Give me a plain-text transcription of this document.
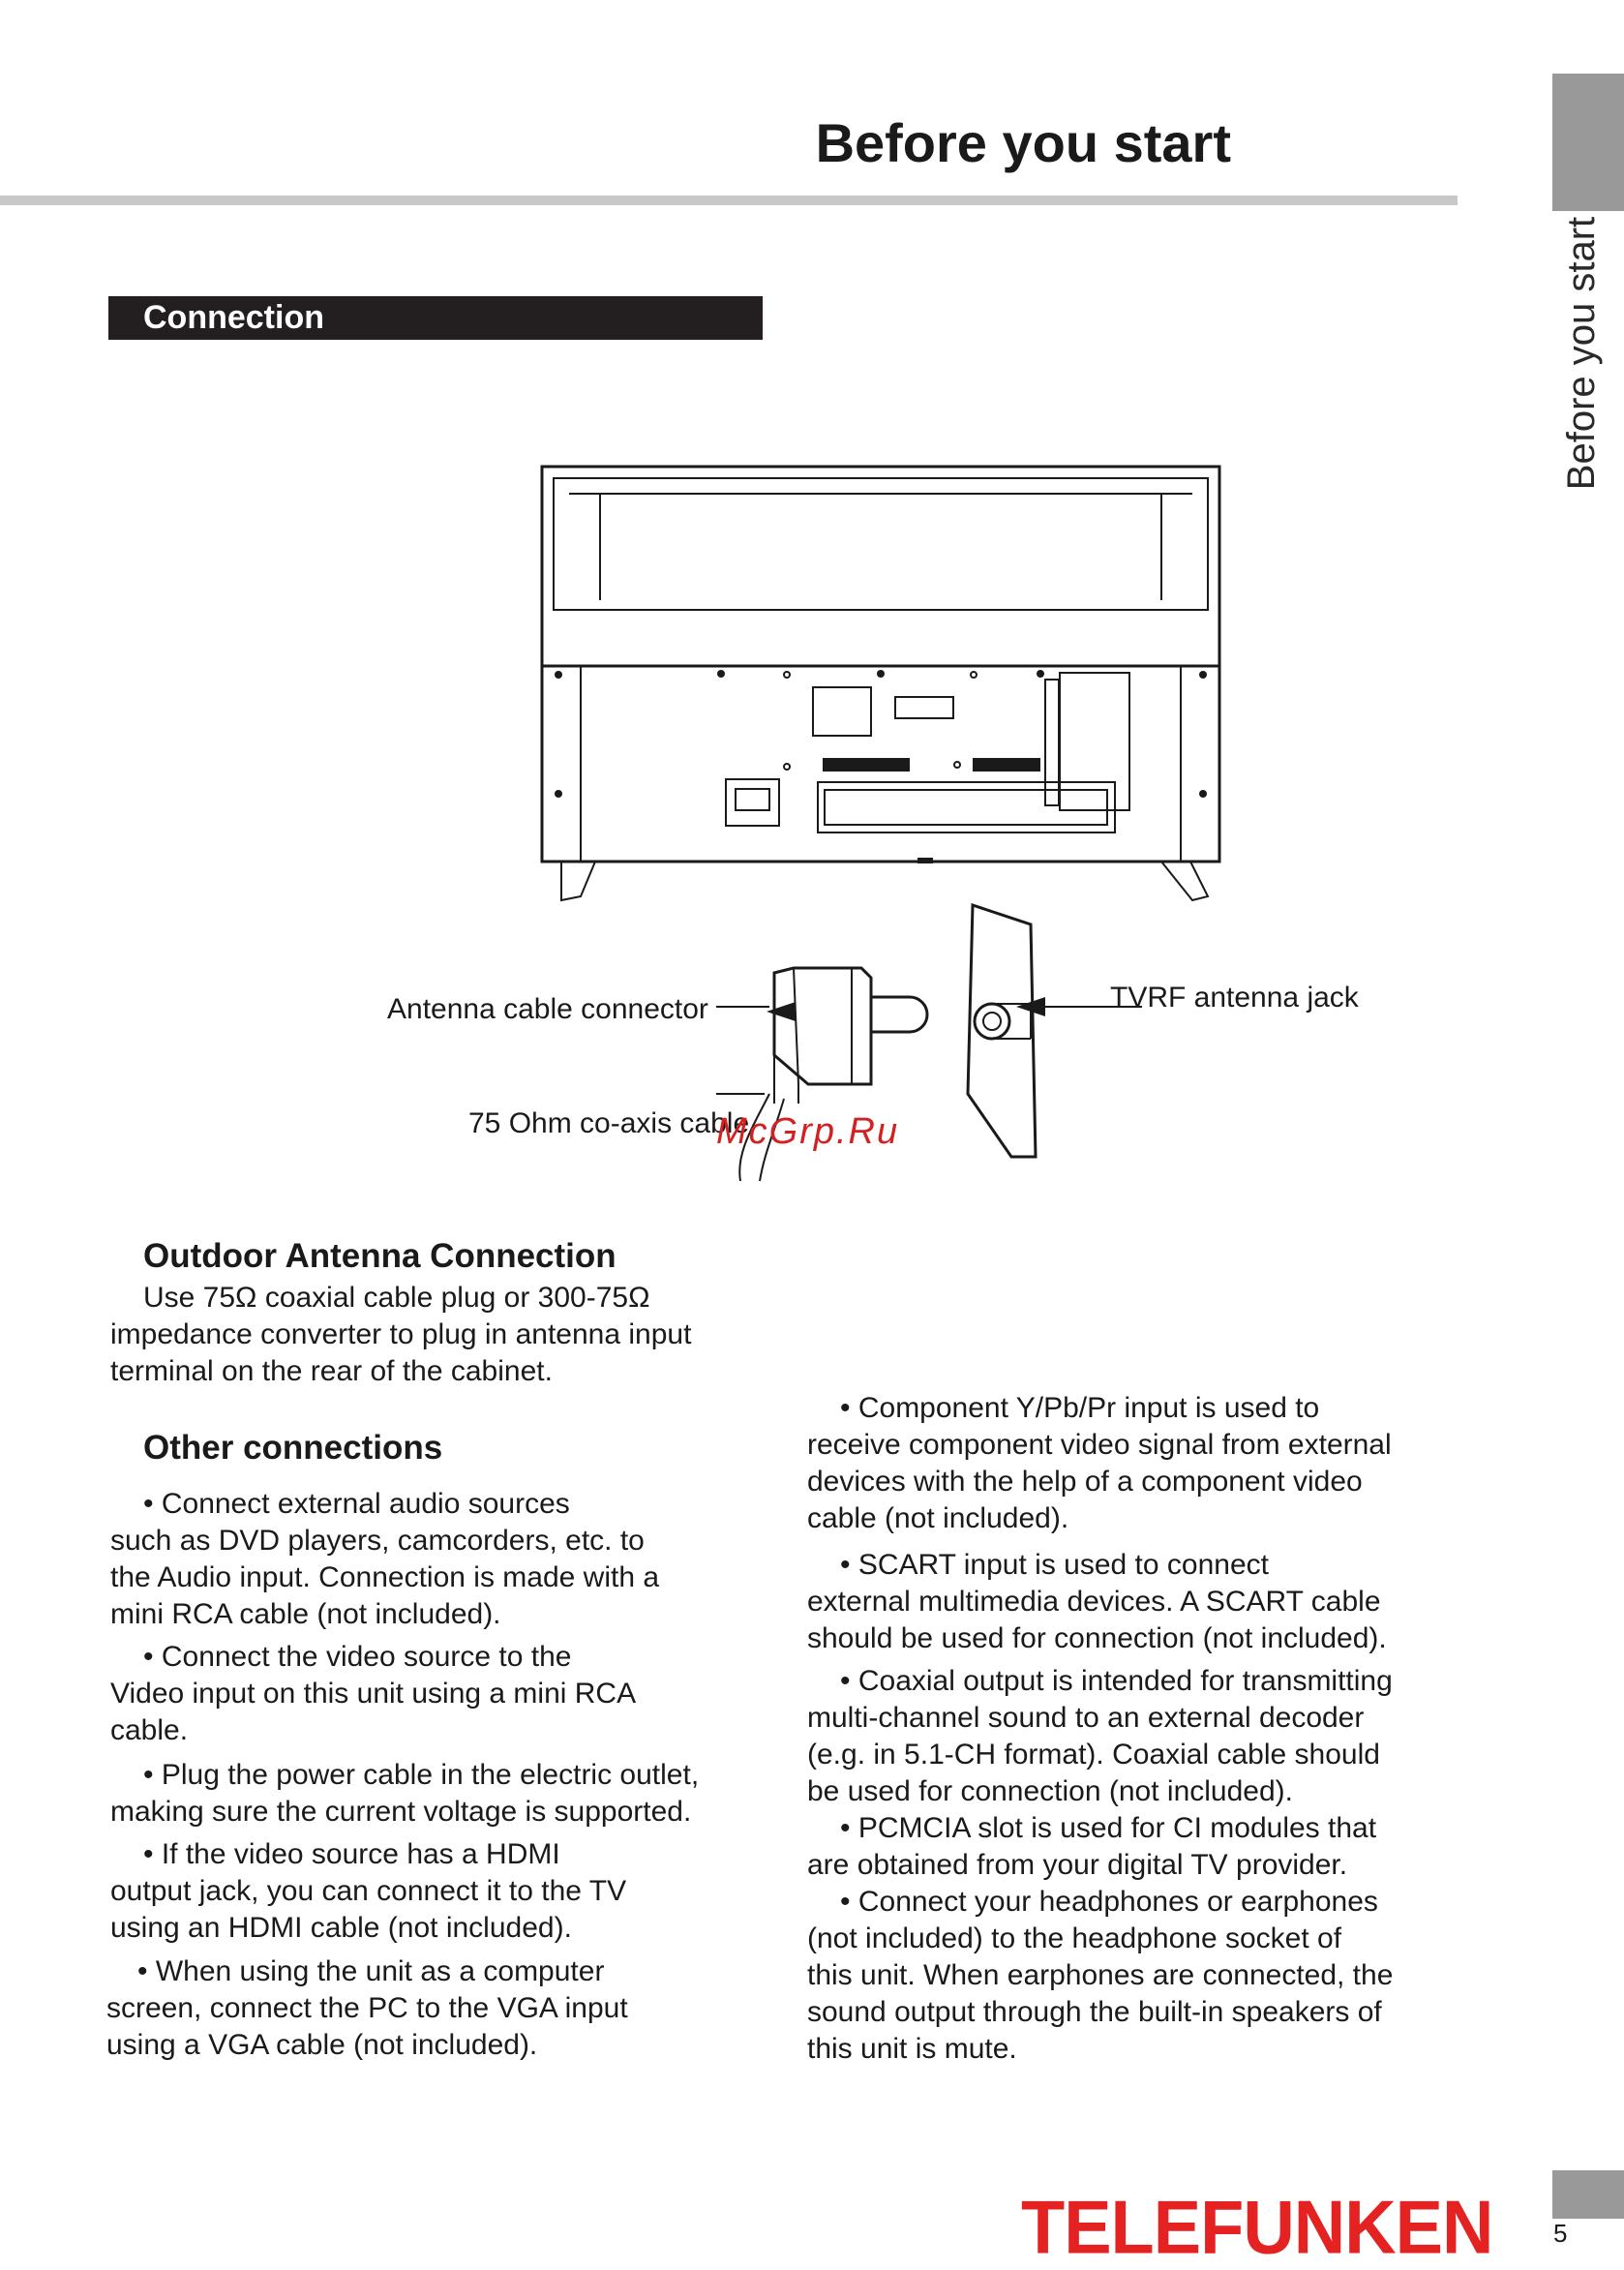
Before you start
Before you start
Connection
Antenna cable connector
75 Ohm co-axis cable
TVRF antenna jack
McGrp.Ru
Outdoor Antenna Connection
Use 75Ω coaxial cable plug or 300-75Ω
impedance converter to plug in antenna input
terminal on the rear of the cabinet.
Other connections
• Connect external audio sources
such as DVD players, camcorders, etc. to
the Audio input. Connection is made with a
mini RCA cable (not included).
• Connect the video source to the
Video input on this unit using a mini RCA
cable.
• Plug the power cable in the electric outlet,
making sure the current voltage is supported.
• If the video source has a HDMI
output jack, you can connect it to the TV
using an HDMI cable (not included).
• When using the unit as a computer
screen, connect the PC to the VGA input
using a VGA cable (not included).
• Component Y/Pb/Pr input is used to
receive component video signal from external
devices with the help of a component video
cable (not included).
• SCART input is used to connect
external multimedia devices. A SCART cable
should be used for connection (not included).
• Coaxial output is intended for transmitting
multi-channel sound to an external decoder
(e.g. in 5.1-CH format). Coaxial cable should
be used for connection (not included).
• PCMCIA slot is used for CI modules that
are obtained from your digital TV provider.
• Connect your headphones or earphones
(not included) to the headphone socket of
this unit. When earphones are connected, the
sound output through the built-in speakers of
this unit is mute.
TELEFUNKEN 5
